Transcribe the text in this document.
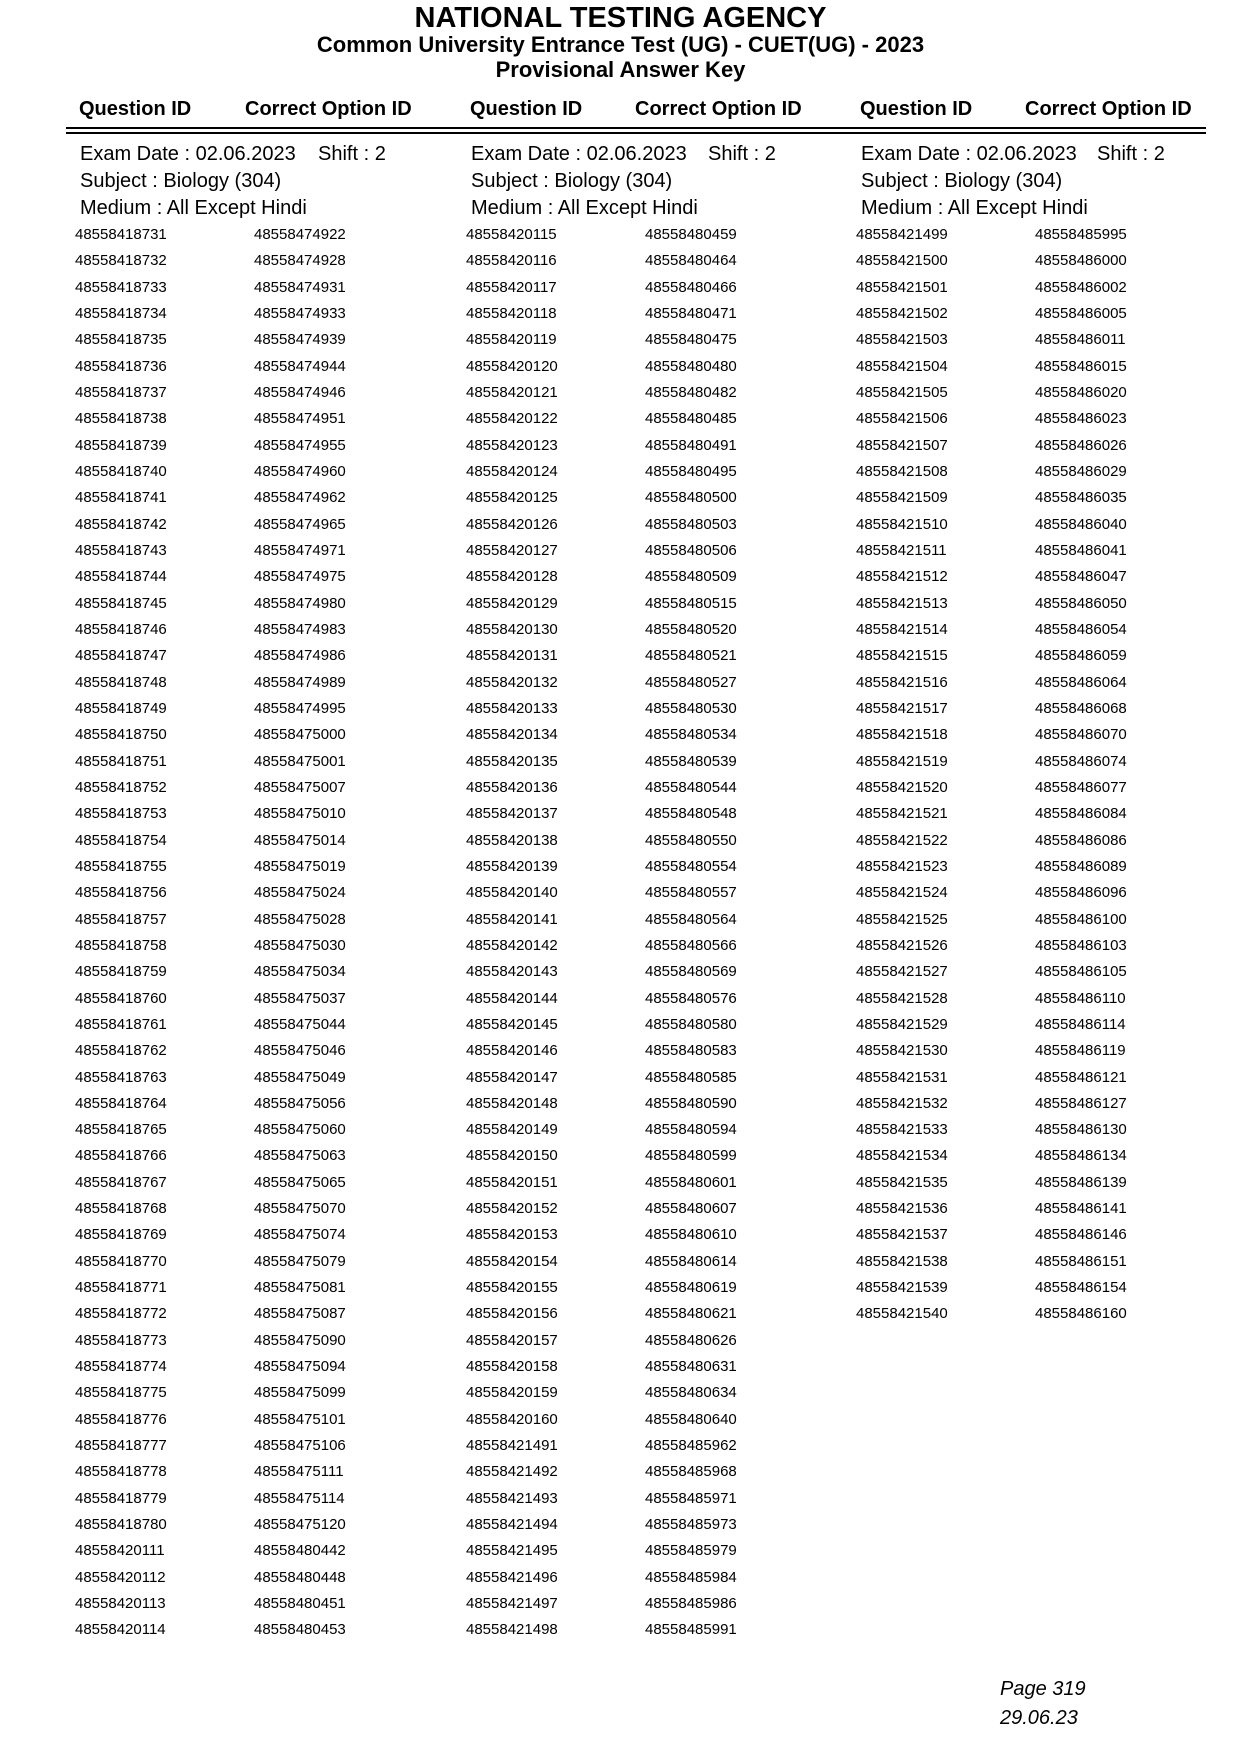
NATIONAL TESTING AGENCY
Common University Entrance Test (UG) - CUET(UG) - 2023
Provisional Answer Key
Question ID	Correct Option ID	Question ID	Correct Option ID	Question ID	Correct Option ID
Exam Date : 02.06.2023 Shift : 2
Subject : Biology (304)
Medium : All Except Hindi
48558418731	48558474922
48558418732	48558474928
48558418733	48558474931
48558418734	48558474933
48558418735	48558474939
48558418736	48558474944
48558418737	48558474946
48558418738	48558474951
48558418739	48558474955
48558418740	48558474960
48558418741	48558474962
48558418742	48558474965
48558418743	48558474971
48558418744	48558474975
48558418745	48558474980
48558418746	48558474983
48558418747	48558474986
48558418748	48558474989
48558418749	48558474995
48558418750	48558475000
48558418751	48558475001
48558418752	48558475007
48558418753	48558475010
48558418754	48558475014
48558418755	48558475019
48558418756	48558475024
48558418757	48558475028
48558418758	48558475030
48558418759	48558475034
48558418760	48558475037
48558418761	48558475044
48558418762	48558475046
48558418763	48558475049
48558418764	48558475056
48558418765	48558475060
48558418766	48558475063
48558418767	48558475065
48558418768	48558475070
48558418769	48558475074
48558418770	48558475079
48558418771	48558475081
48558418772	48558475087
48558418773	48558475090
48558418774	48558475094
48558418775	48558475099
48558418776	48558475101
48558418777	48558475106
48558418778	48558475111
48558418779	48558475114
48558418780	48558475120
48558420111	48558480442
48558420112	48558480448
48558420113	48558480451
48558420114	48558480453
Exam Date : 02.06.2023 Shift : 2
Subject : Biology (304)
Medium : All Except Hindi
48558420115	48558480459
48558420116	48558480464
48558420117	48558480466
48558420118	48558480471
48558420119	48558480475
48558420120	48558480480
48558420121	48558480482
48558420122	48558480485
48558420123	48558480491
48558420124	48558480495
48558420125	48558480500
48558420126	48558480503
48558420127	48558480506
48558420128	48558480509
48558420129	48558480515
48558420130	48558480520
48558420131	48558480521
48558420132	48558480527
48558420133	48558480530
48558420134	48558480534
48558420135	48558480539
48558420136	48558480544
48558420137	48558480548
48558420138	48558480550
48558420139	48558480554
48558420140	48558480557
48558420141	48558480564
48558420142	48558480566
48558420143	48558480569
48558420144	48558480576
48558420145	48558480580
48558420146	48558480583
48558420147	48558480585
48558420148	48558480590
48558420149	48558480594
48558420150	48558480599
48558420151	48558480601
48558420152	48558480607
48558420153	48558480610
48558420154	48558480614
48558420155	48558480619
48558420156	48558480621
48558420157	48558480626
48558420158	48558480631
48558420159	48558480634
48558420160	48558480640
48558421491	48558485962
48558421492	48558485968
48558421493	48558485971
48558421494	48558485973
48558421495	48558485979
48558421496	48558485984
48558421497	48558485986
48558421498	48558485991
Exam Date : 02.06.2023 Shift : 2
Subject : Biology (304)
Medium : All Except Hindi
48558421499	48558485995
48558421500	48558486000
48558421501	48558486002
48558421502	48558486005
48558421503	48558486011
48558421504	48558486015
48558421505	48558486020
48558421506	48558486023
48558421507	48558486026
48558421508	48558486029
48558421509	48558486035
48558421510	48558486040
48558421511	48558486041
48558421512	48558486047
48558421513	48558486050
48558421514	48558486054
48558421515	48558486059
48558421516	48558486064
48558421517	48558486068
48558421518	48558486070
48558421519	48558486074
48558421520	48558486077
48558421521	48558486084
48558421522	48558486086
48558421523	48558486089
48558421524	48558486096
48558421525	48558486100
48558421526	48558486103
48558421527	48558486105
48558421528	48558486110
48558421529	48558486114
48558421530	48558486119
48558421531	48558486121
48558421532	48558486127
48558421533	48558486130
48558421534	48558486134
48558421535	48558486139
48558421536	48558486141
48558421537	48558486146
48558421538	48558486151
48558421539	48558486154
48558421540	48558486160
Page 319
29.06.23
